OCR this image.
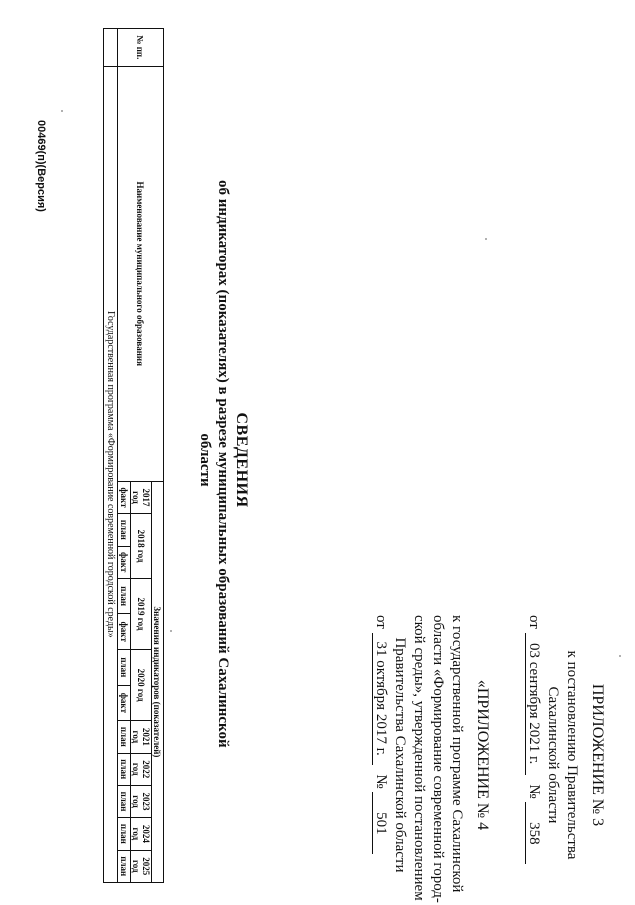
ПРИЛОЖЕНИЕ № 3
к постановлению Правительства
Сахалинской области
от 03 сентября 2021 г. № 358
«ПРИЛОЖЕНИЕ № 4
к государственной программе Сахалинской
области «Формирование современной город-
ской среды», утвержденной постановлением
Правительства Сахалинской области
от 31 октября 2017 г. № 501
СВЕДЕНИЯ
об индикаторах (показателях) в разрезе муниципальных образований Сахалинской
области
№ пп.	Наименование муниципального образования	Значения индикаторов (показателей)											
		2017 год	2018 год		2019 год		2020 год		2021 год	2022 год	2023 год	2024 год	2025 год
		факт	план	факт	план	факт	план	факт	план	план	план	план	план
	Государственная программа «Формирование современной городской среды»												
00469(п)(Версия)
